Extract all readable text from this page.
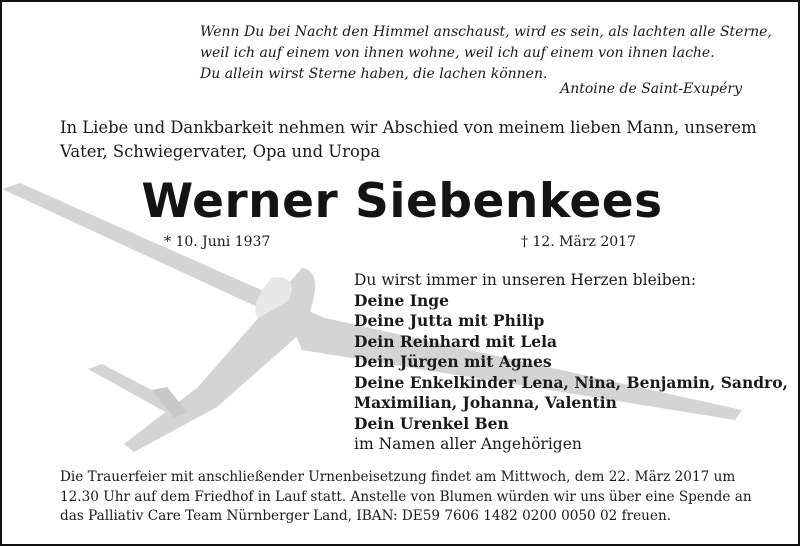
Wenn Du bei Nacht den Himmel anschaust, wird es sein, als lachten alle Sterne,
weil ich auf einem von ihnen wohne, weil ich auf einem von ihnen lache.
Du allein wirst Sterne haben, die lachen können.
Antoine de Saint-Exupéry
In Liebe und Dankbarkeit nehmen wir Abschied von meinem lieben Mann, unserem
Vater, Schwiegervater, Opa und Uropa
Werner Siebenkees
* 10. Juni 1937	† 12. März 2017
Du wirst immer in unseren Herzen bleiben:
Deine Inge
Deine Jutta mit Philip
Dein Reinhard mit Lela
Dein Jürgen mit Agnes
Deine Enkelkinder Lena, Nina, Benjamin, Sandro,
Maximilian, Johanna, Valentin
Dein Urenkel Ben
im Namen aller Angehörigen
Die Trauerfeier mit anschließender Urnenbeisetzung findet am Mittwoch, dem 22. März 2017 um
12.30 Uhr auf dem Friedhof in Lauf statt. Anstelle von Blumen würden wir uns über eine Spende an
das Palliativ Care Team Nürnberger Land, IBAN: DE59 7606 1482 0200 0050 02 freuen.
